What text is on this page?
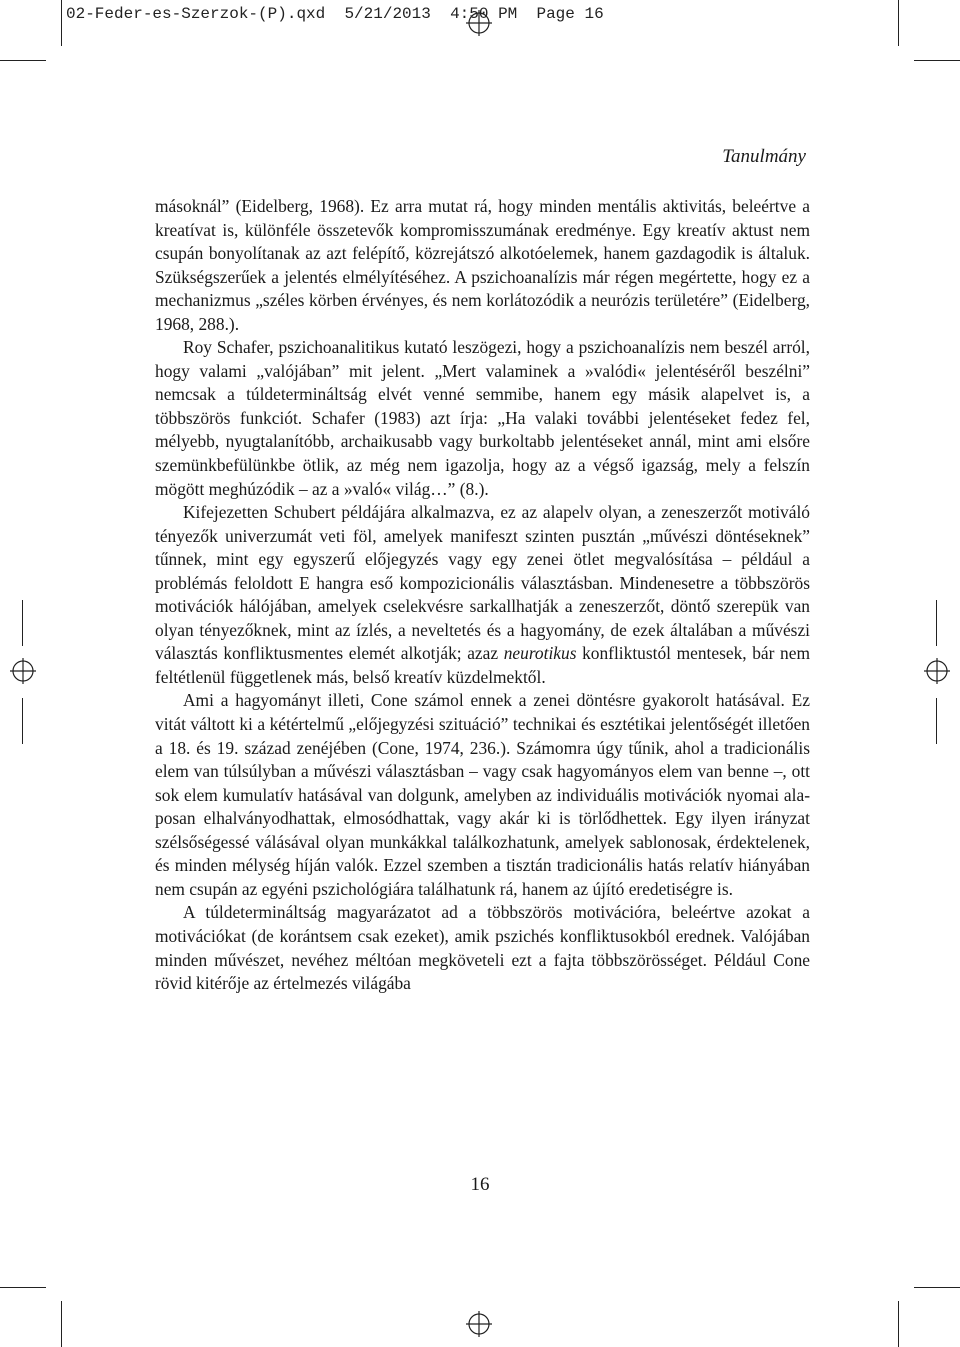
02-Feder-es-Szerzok-(P).qxd  5/21/2013  4:50 PM  Page 16
Tanulmány

másoknál” (Eidelberg, 1968). Ez arra mutat rá, hogy minden mentális aktivitás, beleértve a kreatívat is, különféle összetevők kompromisszumának eredménye. Egy kreatív aktust nem csupán bonyolítanak az azt felépítő, közrejátszó alkotóelemek, hanem gazdagodik is általuk. Szükségszerűek a jelentés elmélyítéséhez. A pszichoanalízis már régen megértette, hogy ez a mechanizmus „széles körben érvényes, és nem korlátozódik a neurózis területére” (Eidelberg, 1968, 288.).

Roy Schafer, pszichoanalitikus kutató leszögezi, hogy a pszichoanalízis nem beszél arról, hogy valami „valójában” mit jelent. „Mert valaminek a »valódi« jelentéséről beszélni” nemcsak a túldetermináltság elvét venné semmibe, hanem egy másik alapelvet is, a többszörös funkciót. Schafer (1983) azt írja: „Ha valaki további jelentéseket fedez fel, mélyebb, nyugtalanítóbb, archaikusabb vagy burkoltabb jelentéseket annál, mint ami elsőre szemünkbefülünkbe ötlik, az még nem igazolja, hogy az a végső igazság, mely a felszín mögött meghúzódik – az a »való« világ…” (8.).

Kifejezetten Schubert példájára alkalmazva, ez az alapelv olyan, a zeneszerzőt motiváló tényezők univerzumát veti föl, amelyek manifeszt szinten pusztán „művészi döntéseknek” tűnnek, mint egy egyszerű előjegyzés vagy egy zenei ötlet megvalósítása – például a problémás feloldott E hangra eső kompozicionális választásban. Mindenesetre a többszörös motivációk hálójában, amelyek cselekvésre sarkallhatják a zeneszerzőt, döntő szerepük van olyan tényezőknek, mint az ízlés, a neveltetés és a hagyomány, de ezek általában a művészi választás konfliktusmentes elemét alkotják; azaz neurotikus konfliktustól mentesek, bár nem feltétlenül függetlenek más, belső kreatív küzdelmektől.

Ami a hagyományt illeti, Cone számol ennek a zenei döntésre gyakorolt hatásával. Ez vitát váltott ki a kétértelmű „előjegyzési szituáció” technikai és esztétikai jelentőségét illetően a 18. és 19. század zenéjében (Cone, 1974, 236.). Számomra úgy tűnik, ahol a tradicionális elem van túlsúlyban a művészi választásban – vagy csak hagyományos elem van benne –, ott sok elem kumulatív hatásával van dolgunk, amelyben az individuális motivációk nyomai alaposan elhalványodhattak, elmosódhattak, vagy akár ki is törlődhettek. Egy ilyen irányzat szélsőségessé válásával olyan munkákkal találkozhatunk, amelyek sablonosak, érdektelenek, és minden mélység híján valók. Ezzel szemben a tisztán tradicionális hatás relatív hiányában nem csupán az egyéni pszichológiára találhatunk rá, hanem az újító eredetiségre is.

A túldetermináltság magyarázatot ad a többszörös motivációra, beleértve azokat a motivációkat (de korántsem csak ezeket), amik pszichés konfliktusokból erednek. Valójában minden művészet, nevéhez méltóan megköveteli ezt a fajta többszörösséget. Például Cone rövid kitérője az értelmezés világába

16
